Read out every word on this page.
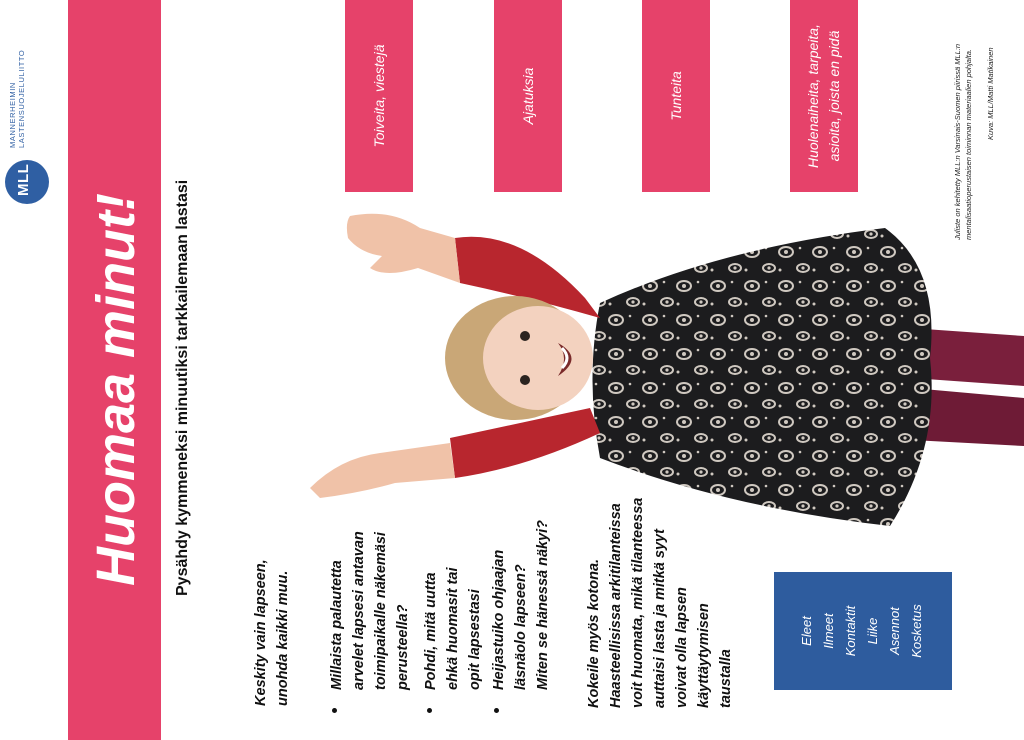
MLL
MANNERHEIMIN
LASTENSUOJELULIITTO
Huomaa minut! Pysähdy kymmeneksi minuutiksi tarkkailemaan lastasi
Toiveita, viestejä	Ajatuksia	Tunteita	Huolenaiheita, tarpeita,
asioita, joista en pidä
Keskity vain lapseen,
unohda kaikki muu.
Millaista palautetta
arvelet lapsesi antavan
toimipaikalle näkemäsi
perusteella? Pohdi, mitä uutta
ehkä huomasit tai
opit lapsestasi Heijastuiko ohjaajan
läsnäolo lapseen?
Miten se hänessä näkyi?
Kokeile myös kotona.
Haasteellisissa arkitilanteissa
voit huomata, mikä tilanteessa
auttaisi lasta ja mitkä syyt
voivat olla lapsen
käyttäytymisen
taustalla
Eleet Ilmeet Kontaktit Liike Asennot Kosketus
Juliste on kehitetty MLL:n Varsinais-Suomen piirissä MLL:n
mentalisaatioperustaisen toiminnan materiaalien pohjalta. Kuva: MLL/Matti Matikainen
